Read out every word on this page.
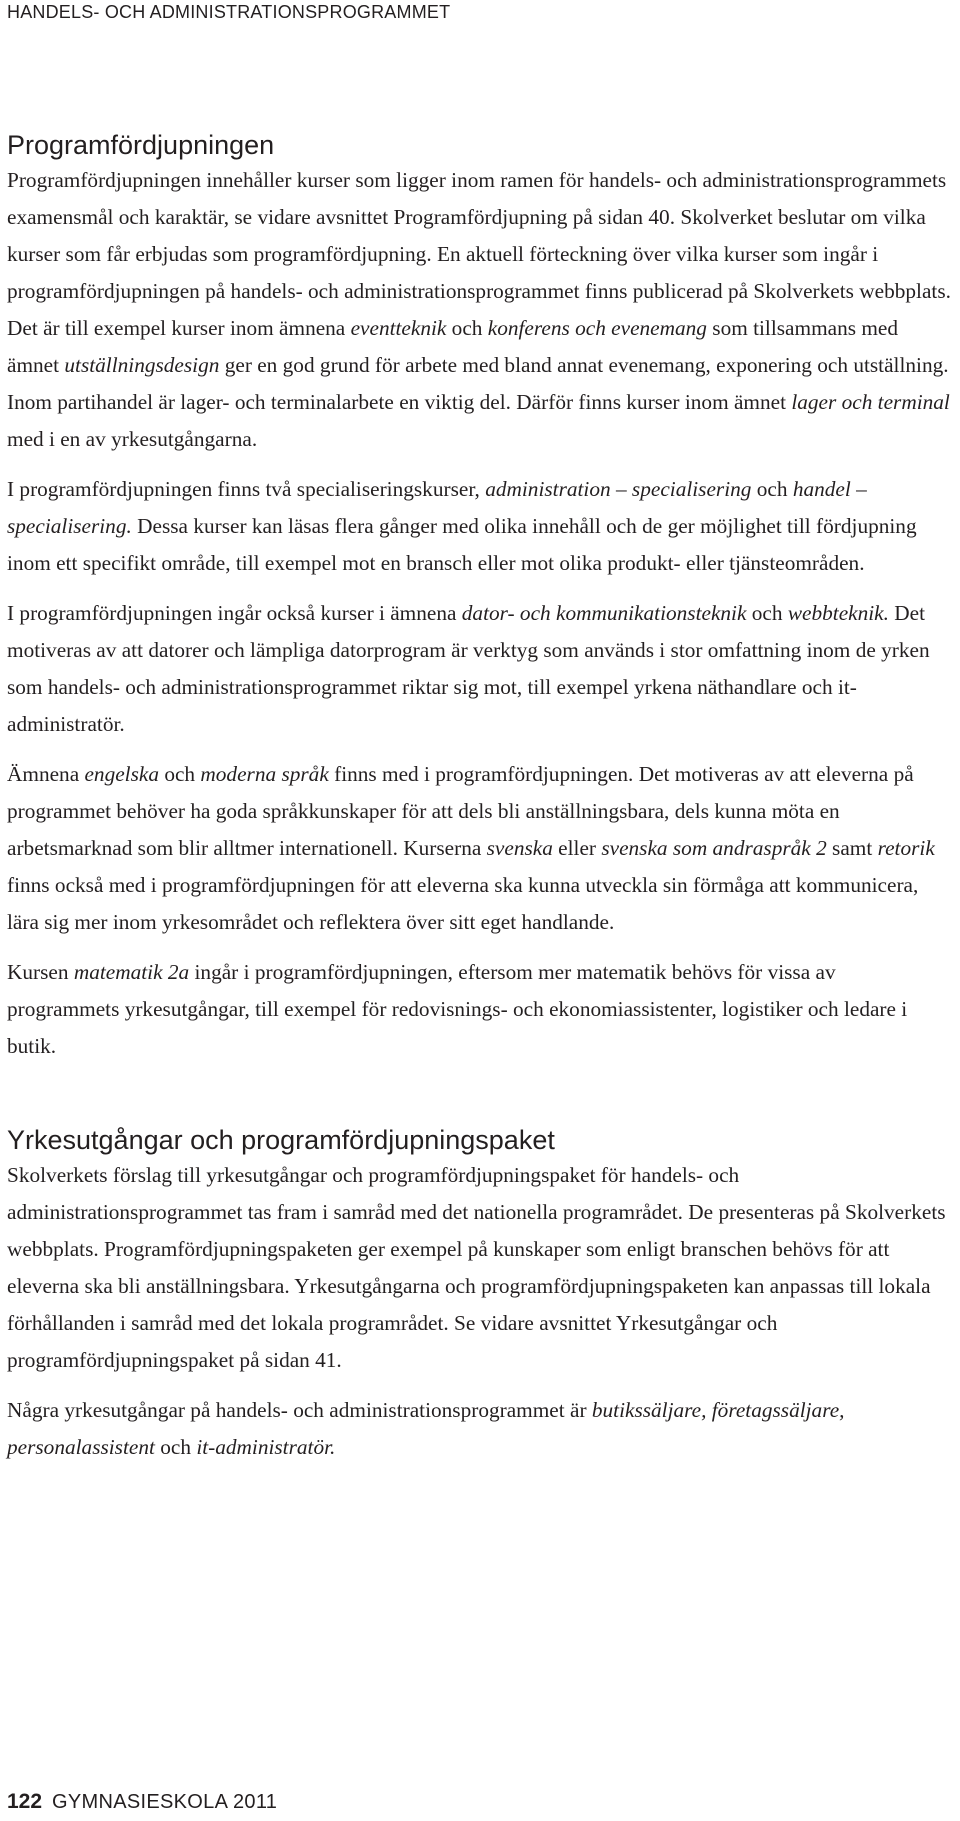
HANDELS- OCH ADMINISTRATIONSPROGRAMMET
Programfördjupningen

Programfördjupningen innehåller kurser som ligger inom ramen för handels- och administrationsprogrammets examensmål och karaktär, se vidare avsnittet Programfördjupning på sidan 40. Skolverket beslutar om vilka kurser som får erbjudas som programfördjupning. En aktuell förteckning över vilka kurser som ingår i programfördjupningen på handels- och administrationsprogrammet finns publicerad på Skolverkets webbplats. Det är till exempel kurser inom ämnena eventteknik och konferens och evenemang som tillsammans med ämnet utställningsdesign ger en god grund för arbete med bland annat evenemang, exponering och utställning. Inom partihandel är lager- och terminalarbete en viktig del. Därför finns kurser inom ämnet lager och terminal med i en av yrkesutgångarna.

I programfördjupningen finns två specialiseringskurser, administration – specialisering och handel – specialisering. Dessa kurser kan läsas flera gånger med olika innehåll och de ger möjlighet till fördjupning inom ett specifikt område, till exempel mot en bransch eller mot olika produkt- eller tjänsteområden.

I programfördjupningen ingår också kurser i ämnena dator- och kommunikationsteknik och webbteknik. Det motiveras av att datorer och lämpliga datorprogram är verktyg som används i stor omfattning inom de yrken som handels- och administrationsprogrammet riktar sig mot, till exempel yrkena näthandlare och it-administratör.

Ämnena engelska och moderna språk finns med i programfördjupningen. Det motiveras av att eleverna på programmet behöver ha goda språkkunskaper för att dels bli anställningsbara, dels kunna möta en arbetsmarknad som blir alltmer internationell. Kurserna svenska eller svenska som andraspråk 2 samt retorik finns också med i programfördjupningen för att eleverna ska kunna utveckla sin förmåga att kommunicera, lära sig mer inom yrkesområdet och reflektera över sitt eget handlande.

Kursen matematik 2a ingår i programfördjupningen, eftersom mer matematik behövs för vissa av programmets yrkesutgångar, till exempel för redovisnings- och ekonomiassistenter, logistiker och ledare i butik.

Yrkesutgångar och programfördjupningspaket

Skolverkets förslag till yrkesutgångar och programfördjupningspaket för handels- och administrationsprogrammet tas fram i samråd med det nationella programrådet. De presenteras på Skolverkets webbplats. Programfördjupningspaketen ger exempel på kunskaper som enligt branschen behövs för att eleverna ska bli anställningsbara. Yrkesutgångarna och programfördjupningspaketen kan anpassas till lokala förhållanden i samråd med det lokala programrådet. Se vidare avsnittet Yrkesutgångar och programfördjupningspaket på sidan 41.

Några yrkesutgångar på handels- och administrationsprogrammet är butikssäljare, företagssäljare, personalassistent och it-administratör.

122 GYMNASIESKOLA 2011
